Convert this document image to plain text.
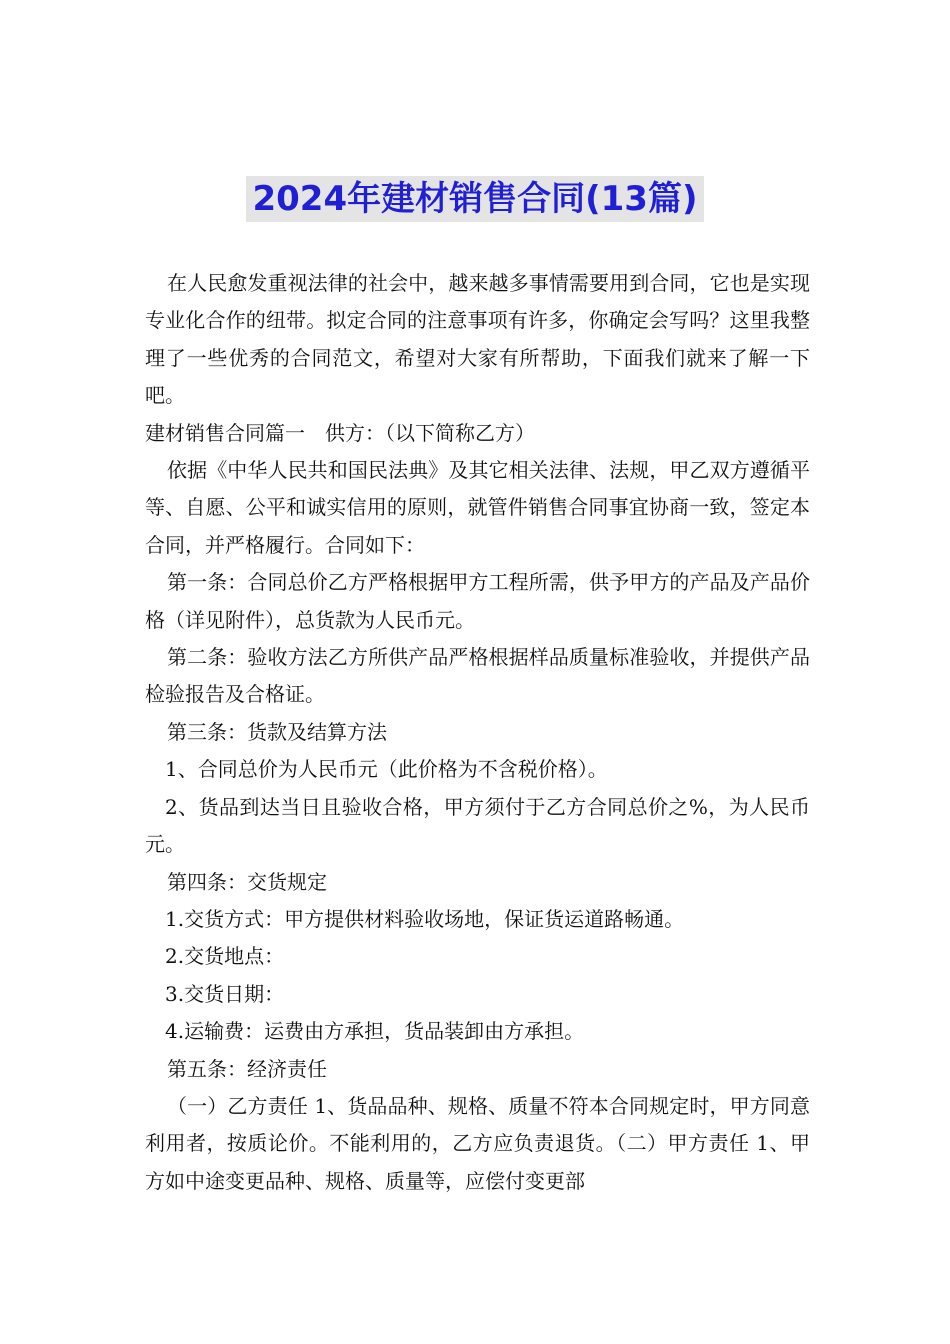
2024年建材销售合同(13篇)

在人民愈发重视法律的社会中，越来越多事情需要用到合同，它也是实现专业化合作的纽带。拟定合同的注意事项有许多，你确定会写吗？这里我整理了一些优秀的合同范文，希望对大家有所帮助，下面我们就来了解一下吧。

建材销售合同篇一　供方：（以下简称乙方）

依据《中华人民共和国民法典》及其它相关法律、法规，甲乙双方遵循平等、自愿、公平和诚实信用的原则，就管件销售合同事宜协商一致，签定本合同，并严格履行。合同如下：

第一条：合同总价乙方严格根据甲方工程所需，供予甲方的产品及产品价格（详见附件），总货款为人民币元。

第二条：验收方法乙方所供产品严格根据样品质量标准验收，并提供产品检验报告及合格证。

第三条：货款及结算方法

1、合同总价为人民币元（此价格为不含税价格）。

2、货品到达当日且验收合格，甲方须付于乙方合同总价之%，为人民币元。

第四条：交货规定

1.交货方式：甲方提供材料验收场地，保证货运道路畅通。

2.交货地点：

3.交货日期：

4.运输费：运费由方承担，货品装卸由方承担。

第五条：经济责任

（一）乙方责任 1、货品品种、规格、质量不符本合同规定时，甲方同意利用者，按质论价。不能利用的，乙方应负责退货。（二）甲方责任 1、甲方如中途变更品种、规格、质量等，应偿付变更部
